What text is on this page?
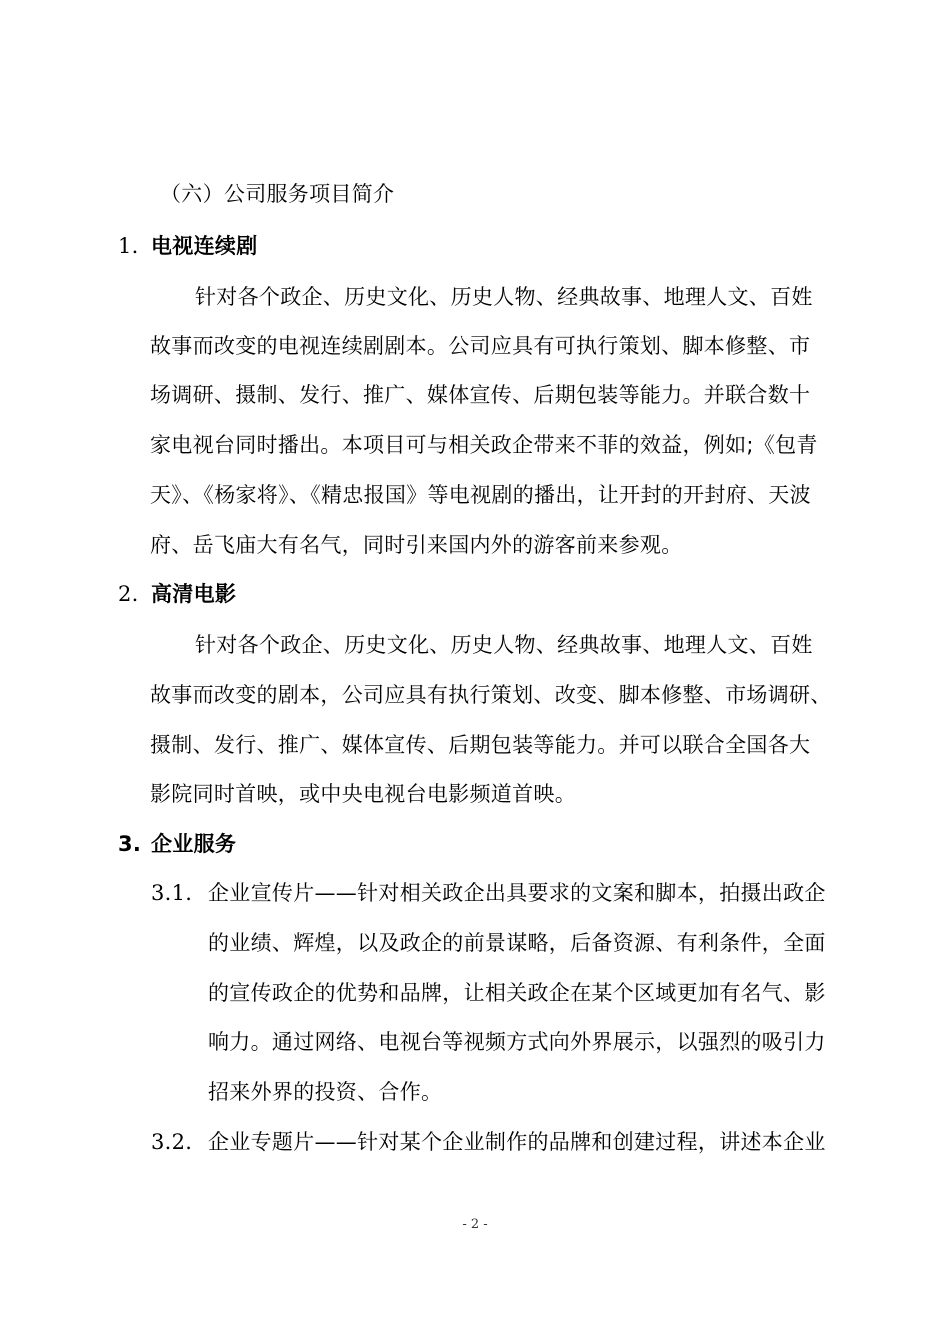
（六）公司服务项目简介
1. 电视连续剧
针对各个政企、历史文化、历史人物、经典故事、地理人文、百姓
故事而改变的电视连续剧剧本。公司应具有可执行策划、脚本修整、市
场调研、摄制、发行、推广、媒体宣传、后期包装等能力。并联合数十
家电视台同时播出。本项目可与相关政企带来不菲的效益，例如;《包青
天》、《杨家将》、《精忠报国》等电视剧的播出，让开封的开封府、天波
府、岳飞庙大有名气，同时引来国内外的游客前来参观。
2. 高清电影
针对各个政企、历史文化、历史人物、经典故事、地理人文、百姓
故事而改变的剧本，公司应具有执行策划、改变、脚本修整、市场调研、
摄制、发行、推广、媒体宣传、后期包装等能力。并可以联合全国各大
影院同时首映，或中央电视台电影频道首映。
3. 企业服务
3.1. 企业宣传片——针对相关政企出具要求的文案和脚本，拍摄出政企
的业绩、辉煌，以及政企的前景谋略，后备资源、有利条件，全面
的宣传政企的优势和品牌，让相关政企在某个区域更加有名气、影
响力。通过网络、电视台等视频方式向外界展示，以强烈的吸引力
招来外界的投资、合作。
3.2. 企业专题片——针对某个企业制作的品牌和创建过程，讲述本企业
- 2 -
